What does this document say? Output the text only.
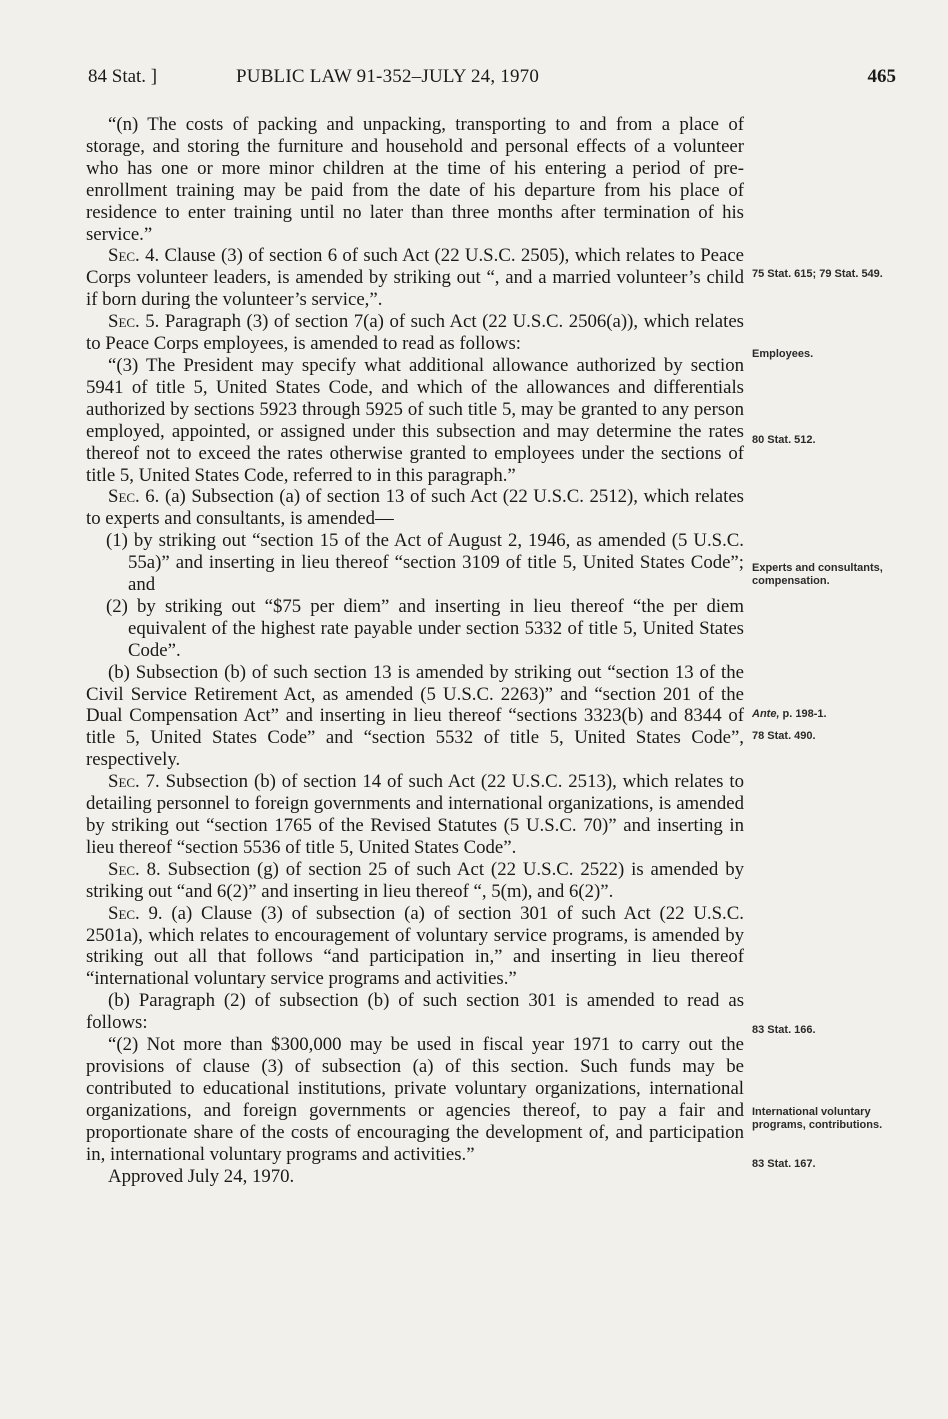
84 Stat. ]	PUBLIC LAW 91-352–JULY 24, 1970	465

“(n) The costs of packing and unpacking, transporting to and from a place of storage, and storing the furniture and household and personal effects of a volunteer who has one or more minor children at the time of his entering a period of pre-enrollment training may be paid from the date of his departure from his place of residence to enter training until no later than three months after termination of his service.”

Sec. 4. Clause (3) of section 6 of such Act (22 U.S.C. 2505), which relates to Peace Corps volunteer leaders, is amended by striking out “, and a married volunteer’s child if born during the volunteer’s service,”.

Sec. 5. Paragraph (3) of section 7(a) of such Act (22 U.S.C. 2506(a)), which relates to Peace Corps employees, is amended to read as follows:

“(3) The President may specify what additional allowance authorized by section 5941 of title 5, United States Code, and which of the allowances and differentials authorized by sections 5923 through 5925 of such title 5, may be granted to any person employed, appointed, or assigned under this subsection and may determine the rates thereof not to exceed the rates otherwise granted to employees under the sections of title 5, United States Code, referred to in this paragraph.”

Sec. 6. (a) Subsection (a) of section 13 of such Act (22 U.S.C. 2512), which relates to experts and consultants, is amended—

(1) by striking out “section 15 of the Act of August 2, 1946, as amended (5 U.S.C. 55a)” and inserting in lieu thereof “section 3109 of title 5, United States Code”; and

(2) by striking out “$75 per diem” and inserting in lieu thereof “the per diem equivalent of the highest rate payable under section 5332 of title 5, United States Code”.

(b) Subsection (b) of such section 13 is amended by striking out “section 13 of the Civil Service Retirement Act, as amended (5 U.S.C. 2263)” and “section 201 of the Dual Compensation Act” and inserting in lieu thereof “sections 3323(b) and 8344 of title 5, United States Code” and “section 5532 of title 5, United States Code”, respectively.

Sec. 7. Subsection (b) of section 14 of such Act (22 U.S.C. 2513), which relates to detailing personnel to foreign governments and international organizations, is amended by striking out “section 1765 of the Revised Statutes (5 U.S.C. 70)” and inserting in lieu thereof “section 5536 of title 5, United States Code”.

Sec. 8. Subsection (g) of section 25 of such Act (22 U.S.C. 2522) is amended by striking out “and 6(2)” and inserting in lieu thereof “, 5(m), and 6(2)”.

Sec. 9. (a) Clause (3) of subsection (a) of section 301 of such Act (22 U.S.C. 2501a), which relates to encouragement of voluntary service programs, is amended by striking out all that follows “and participation in,” and inserting in lieu thereof “international voluntary service programs and activities.”

(b) Paragraph (2) of subsection (b) of such section 301 is amended to read as follows:

“(2) Not more than $300,000 may be used in fiscal year 1971 to carry out the provisions of clause (3) of subsection (a) of this section. Such funds may be contributed to educational institutions, private voluntary organizations, international organizations, and foreign governments or agencies thereof, to pay a fair and proportionate share of the costs of encouraging the development of, and participation in, international voluntary programs and activities.”

Approved July 24, 1970.

75 Stat. 615; 79 Stat. 549.
Employees.
80 Stat. 512.
Experts and consultants, compensation.
Ante, p. 198-1.
78 Stat. 490.
83 Stat. 166.
International voluntary programs, contributions.
83 Stat. 167.
